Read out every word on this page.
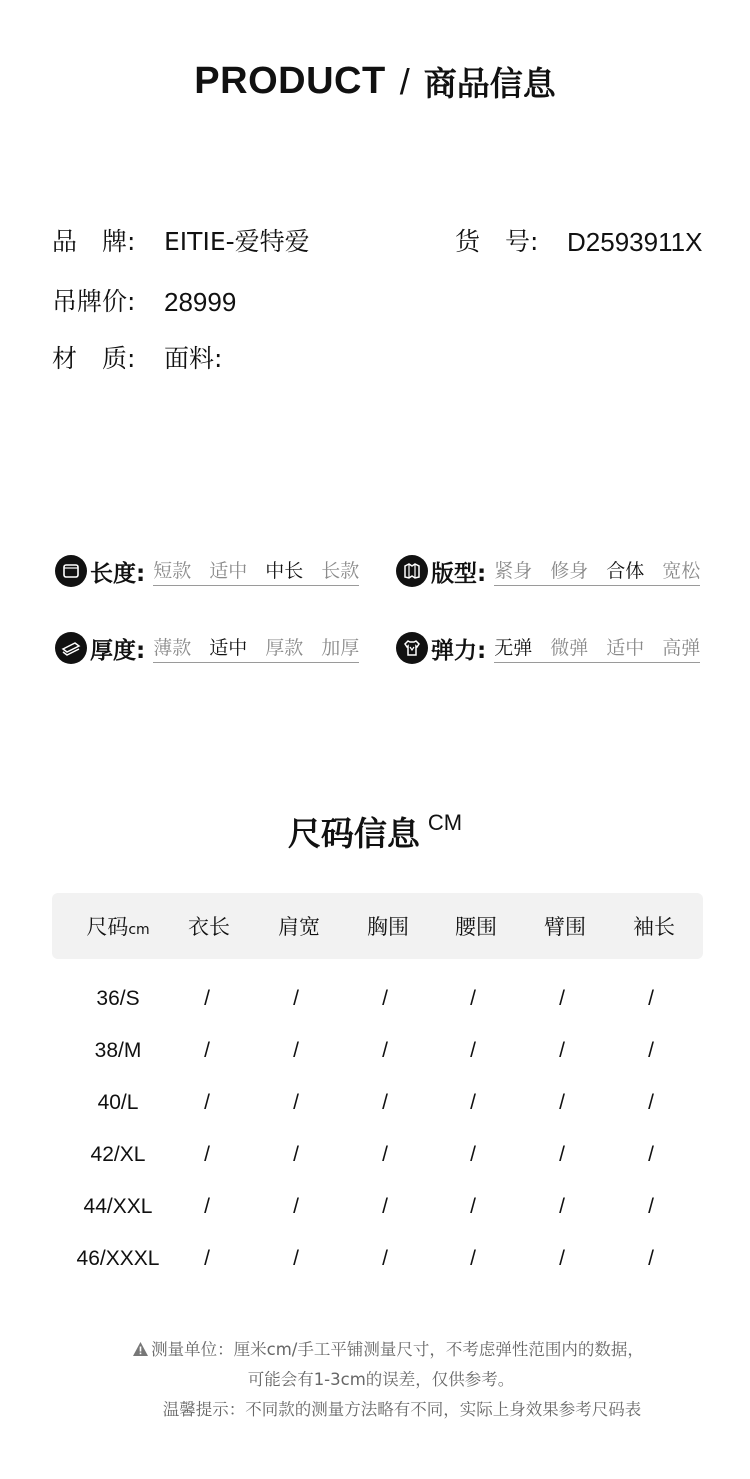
PRODUCT / 商品信息
品　牌: EITIE-爱特爱	货　号: D2593911X
吊牌价: 28999
材　质: 面料:
长度: 短款 适中 中长 长款	版型: 紧身 修身 合体 宽松
厚度: 薄款 适中 厚款 加厚	弹力: 无弹 微弹 适中 高弹
尺码信息 CM
尺码cm	衣长	肩宽	胸围	腰围	臂围	袖长
36/S	/	/	/	/	/	/
38/M	/	/	/	/	/	/
40/L	/	/	/	/	/	/
42/XL	/	/	/	/	/	/
44/XXL	/	/	/	/	/	/
46/XXXL	/	/	/	/	/	/
测量单位：厘米cm/手工平铺测量尺寸，不考虑弹性范围内的数据，
可能会有1-3cm的误差，仅供参考。
温馨提示：不同款的测量方法略有不同，实际上身效果参考尺码表
